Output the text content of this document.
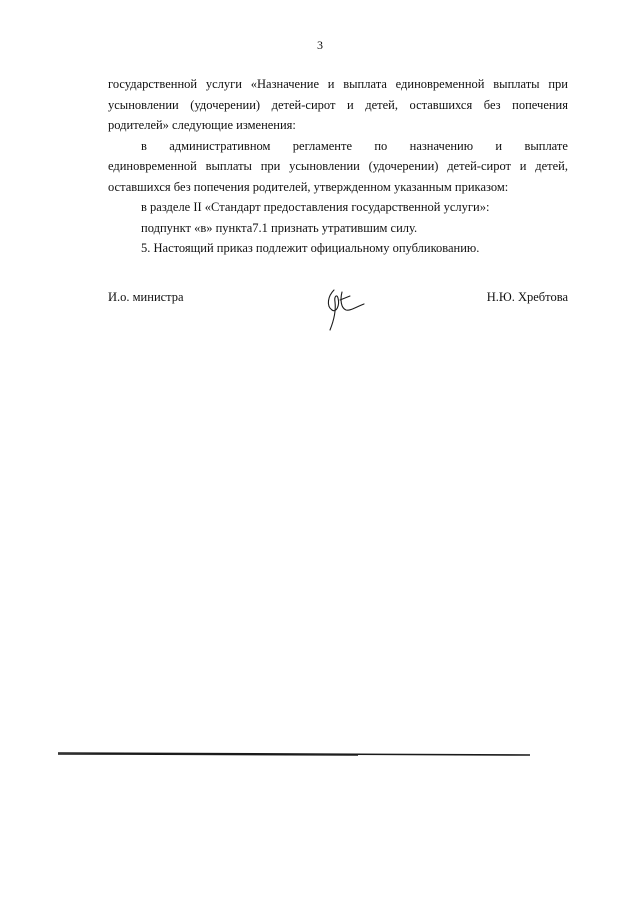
3

государственной услуги «Назначение и выплата единовременной выплаты при усыновлении (удочерении) детей-сирот и детей, оставшихся без попечения родителей» следующие изменения:

в административном регламенте по назначению и выплате

единовременной выплаты при усыновлении (удочерении) детей-сирот и детей, оставшихся без попечения родителей, утвержденном указанным приказом:

в разделе II «Стандарт предоставления государственной услуги»:

подпункт «в» пункта7.1 признать утратившим силу.

5. Настоящий приказ подлежит официальному опубликованию.

И.о. министра	Н.Ю. Хребтова
